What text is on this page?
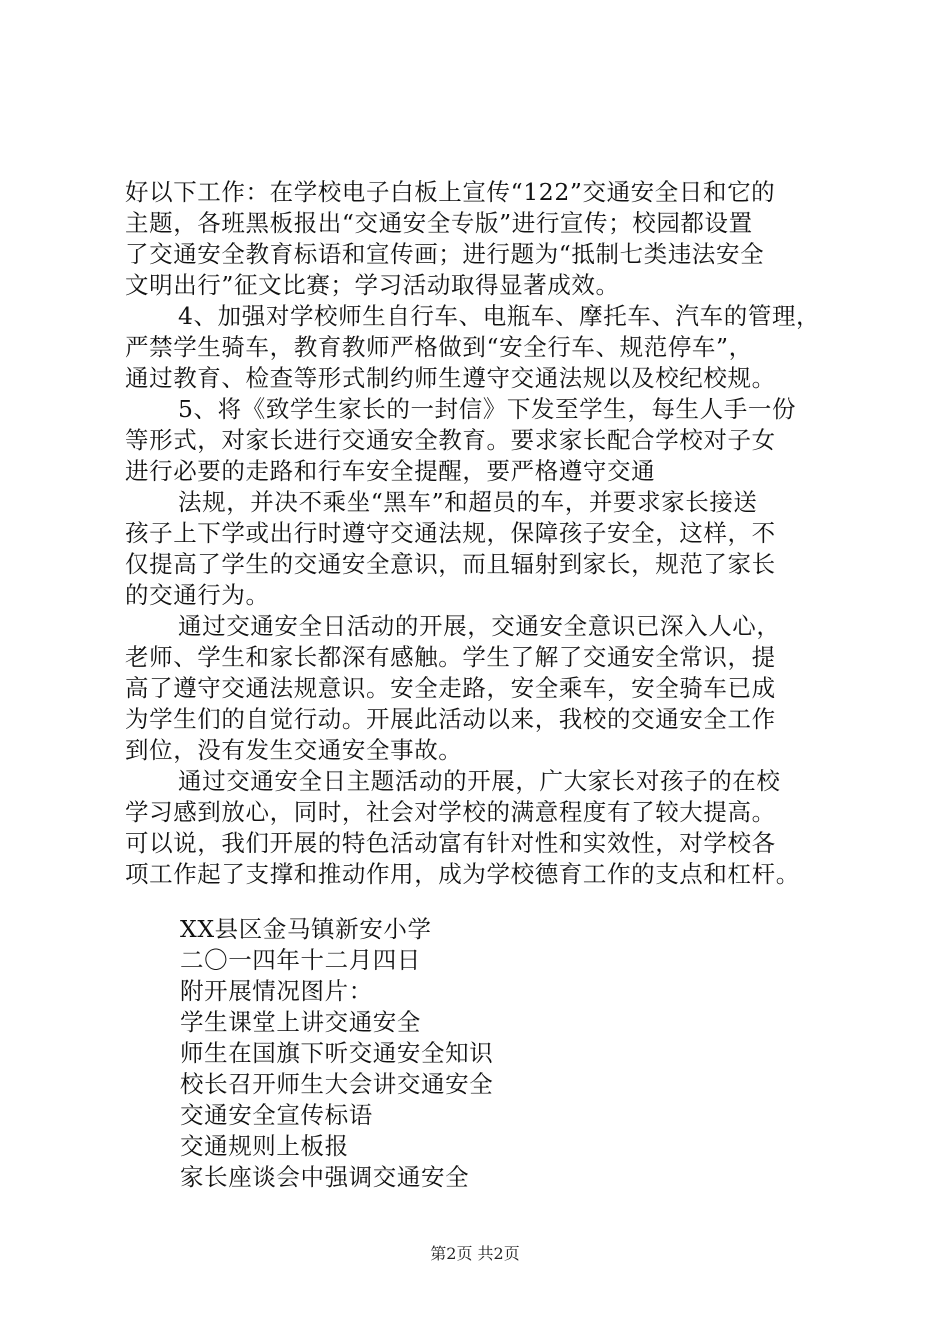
好以下工作：在学校电子白板上宣传“122”交通安全日和它的
主题，各班黑板报出“交通安全专版”进行宣传；校园都设置
了交通安全教育标语和宣传画；进行题为“抵制七类违法安全
文明出行”征文比赛；学习活动取得显著成效。
4、加强对学校师生自行车、电瓶车、摩托车、汽车的管理，
严禁学生骑车，教育教师严格做到“安全行车、规范停车”，
通过教育、检查等形式制约师生遵守交通法规以及校纪校规。
5、将《致学生家长的一封信》下发至学生，每生人手一份
等形式，对家长进行交通安全教育。要求家长配合学校对子女
进行必要的走路和行车安全提醒，要严格遵守交通
法规，并决不乘坐“黑车”和超员的车，并要求家长接送
孩子上下学或出行时遵守交通法规，保障孩子安全，这样，不
仅提高了学生的交通安全意识，而且辐射到家长，规范了家长
的交通行为。
通过交通安全日活动的开展，交通安全意识已深入人心，
老师、学生和家长都深有感触。学生了解了交通安全常识，提
高了遵守交通法规意识。安全走路，安全乘车，安全骑车已成
为学生们的自觉行动。开展此活动以来，我校的交通安全工作
到位，没有发生交通安全事故。
通过交通安全日主题活动的开展，广大家长对孩子的在校
学习感到放心，同时，社会对学校的满意程度有了较大提高。
可以说，我们开展的特色活动富有针对性和实效性，对学校各
项工作起了支撑和推动作用，成为学校德育工作的支点和杠杆。
XX县区金马镇新安小学
二〇一四年十二月四日
附开展情况图片：
学生课堂上讲交通安全
师生在国旗下听交通安全知识
校长召开师生大会讲交通安全
交通安全宣传标语
交通规则上板报
家长座谈会中强调交通安全
第2页 共2页
